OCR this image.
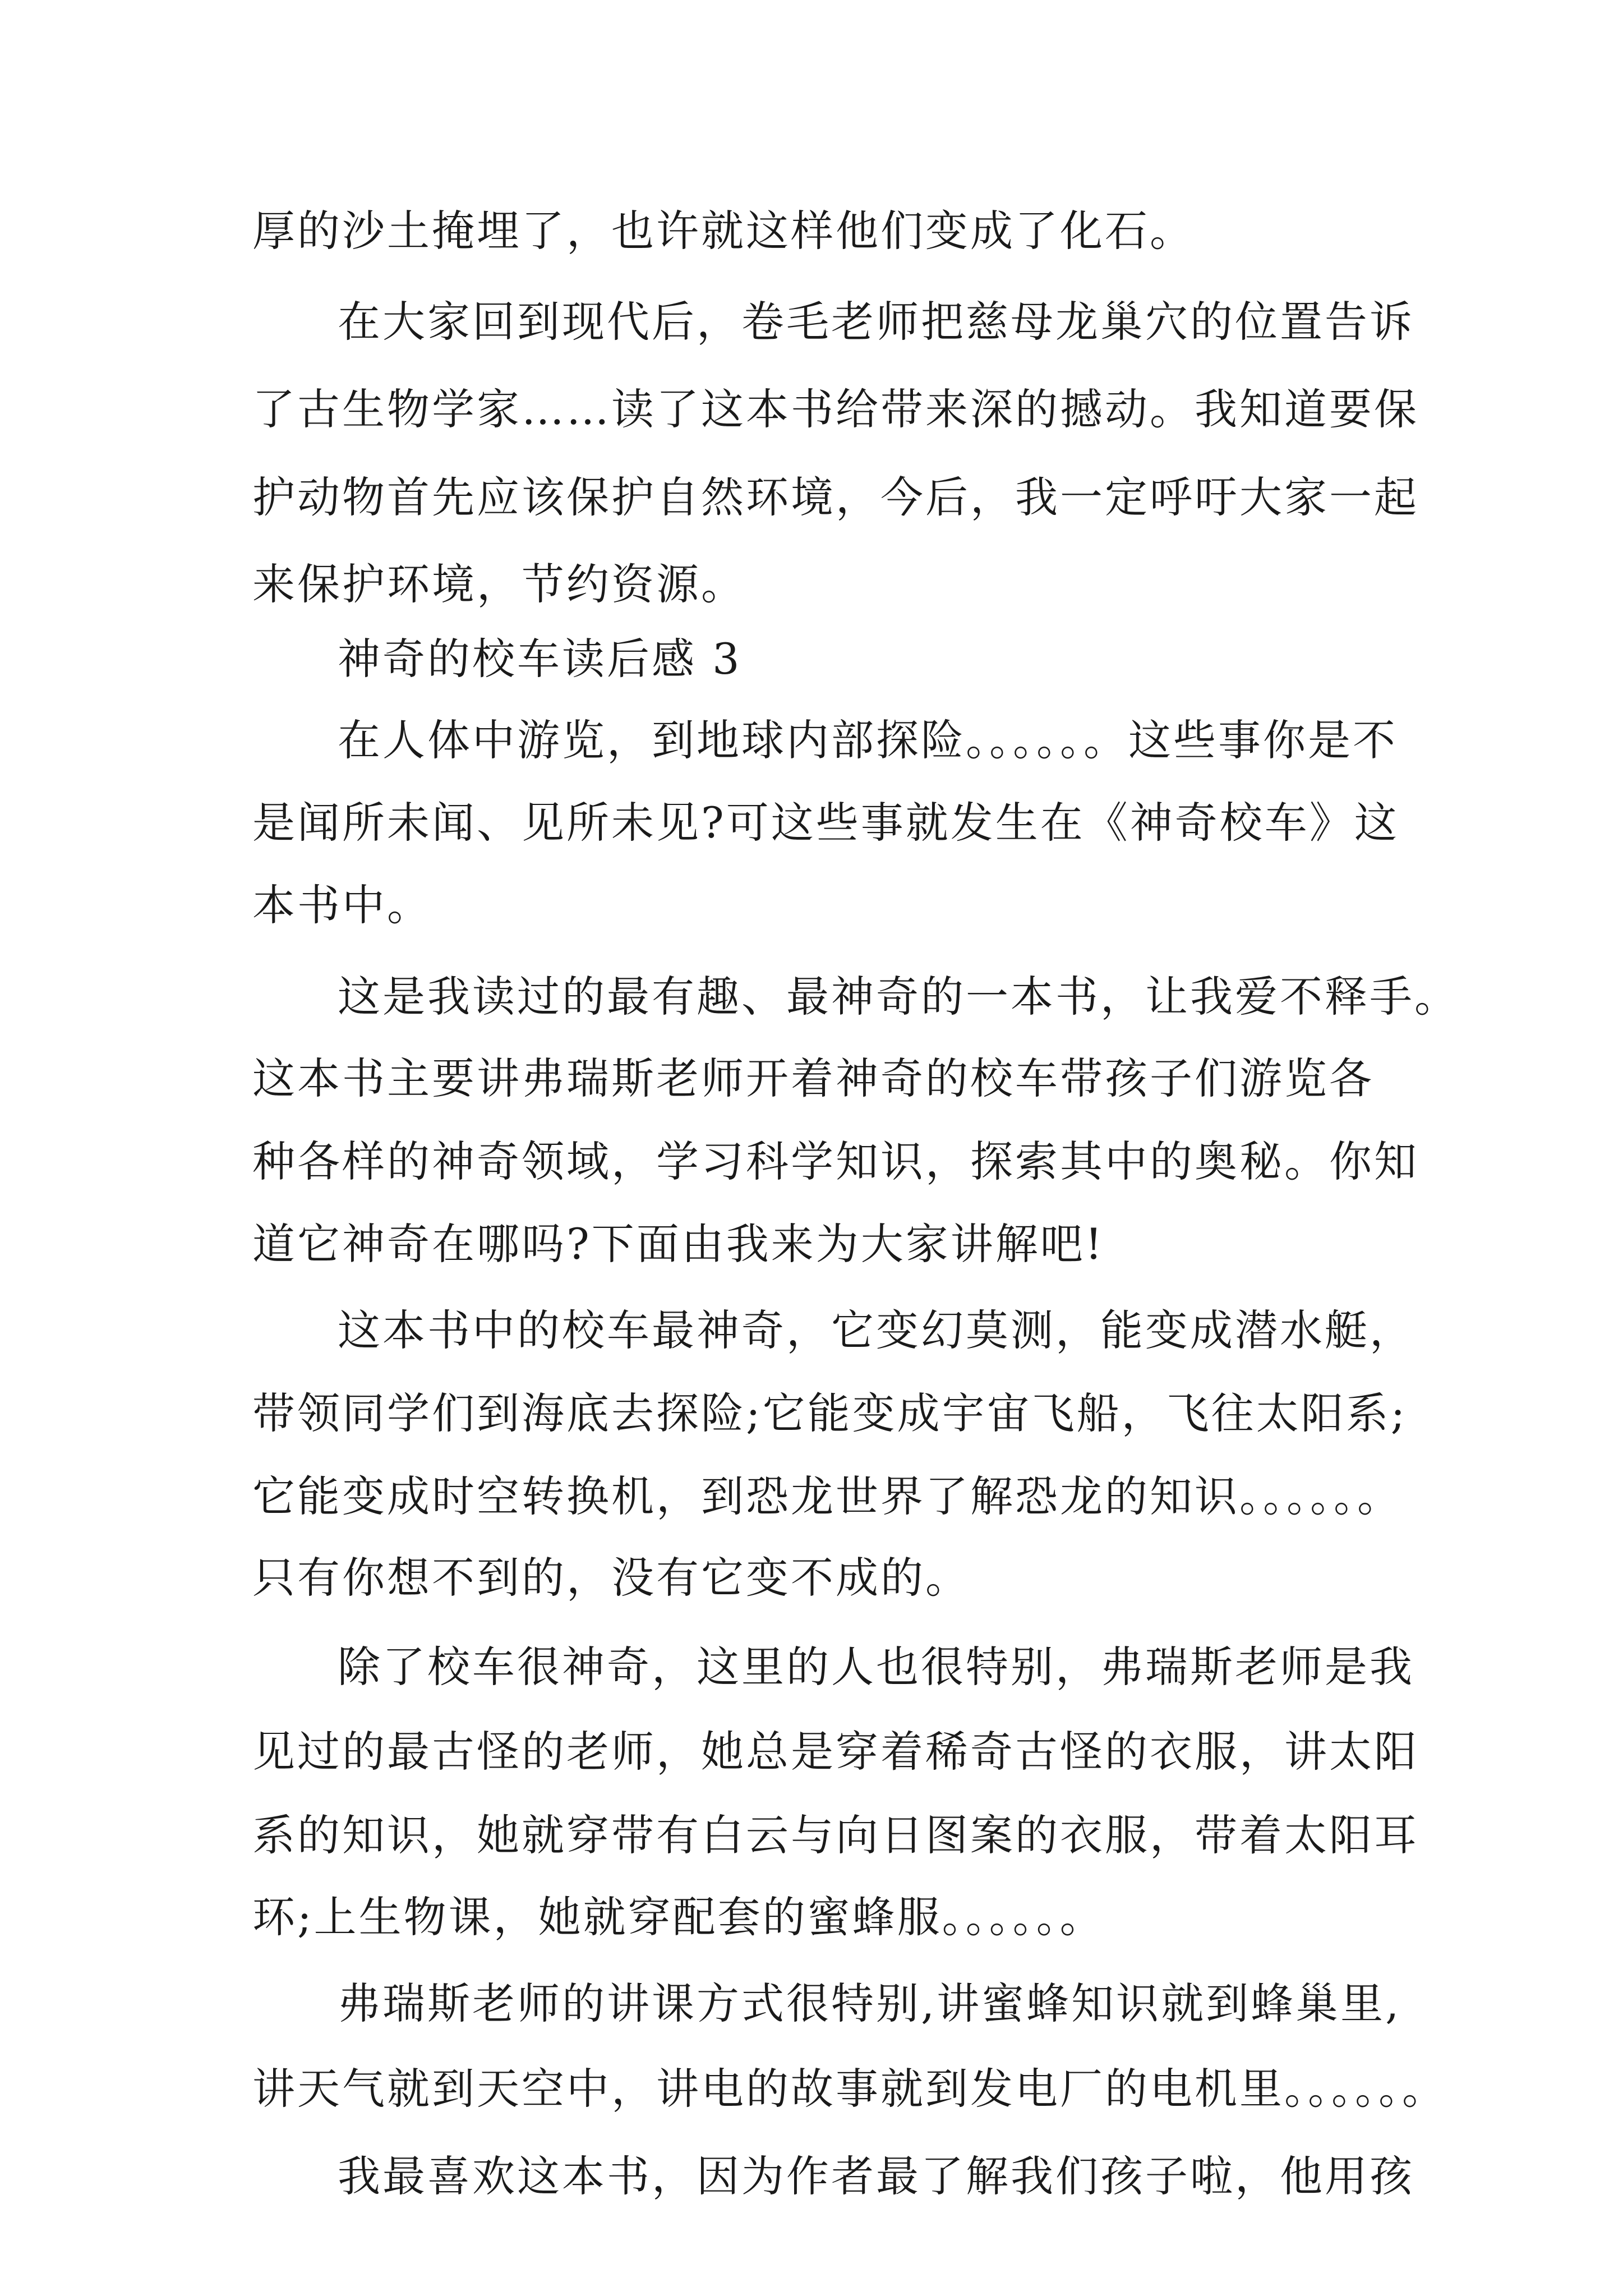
厚的沙土掩埋了，也许就这样他们变成了化石。
在大家回到现代后，卷毛老师把慈母龙巢穴的位置告诉
了古生物学家……读了这本书给带来深的撼动。我知道要保
护动物首先应该保护自然环境，今后，我一定呼吁大家一起
来保护环境，节约资源。
神奇的校车读后感 3
在人体中游览，到地球内部探险。。。。。。这些事你是不
是闻所未闻、见所未见?可这些事就发生在《神奇校车》这
本书中。
这是我读过的最有趣、最神奇的一本书，让我爱不释手。
这本书主要讲弗瑞斯老师开着神奇的校车带孩子们游览各
种各样的神奇领域，学习科学知识，探索其中的奥秘。你知
道它神奇在哪吗?下面由我来为大家讲解吧!
这本书中的校车最神奇，它变幻莫测，能变成潜水艇，
带领同学们到海底去探险;它能变成宇宙飞船，飞往太阳系;
它能变成时空转换机，到恐龙世界了解恐龙的知识。。。。。。
只有你想不到的，没有它变不成的。
除了校车很神奇，这里的人也很特别，弗瑞斯老师是我
见过的最古怪的老师，她总是穿着稀奇古怪的衣服，讲太阳
系的知识，她就穿带有白云与向日图案的衣服，带着太阳耳
环;上生物课，她就穿配套的蜜蜂服。。。。。。
弗瑞斯老师的讲课方式很特别,讲蜜蜂知识就到蜂巢里,
讲天气就到天空中，讲电的故事就到发电厂的电机里。。。。。。
我最喜欢这本书，因为作者最了解我们孩子啦，他用孩
